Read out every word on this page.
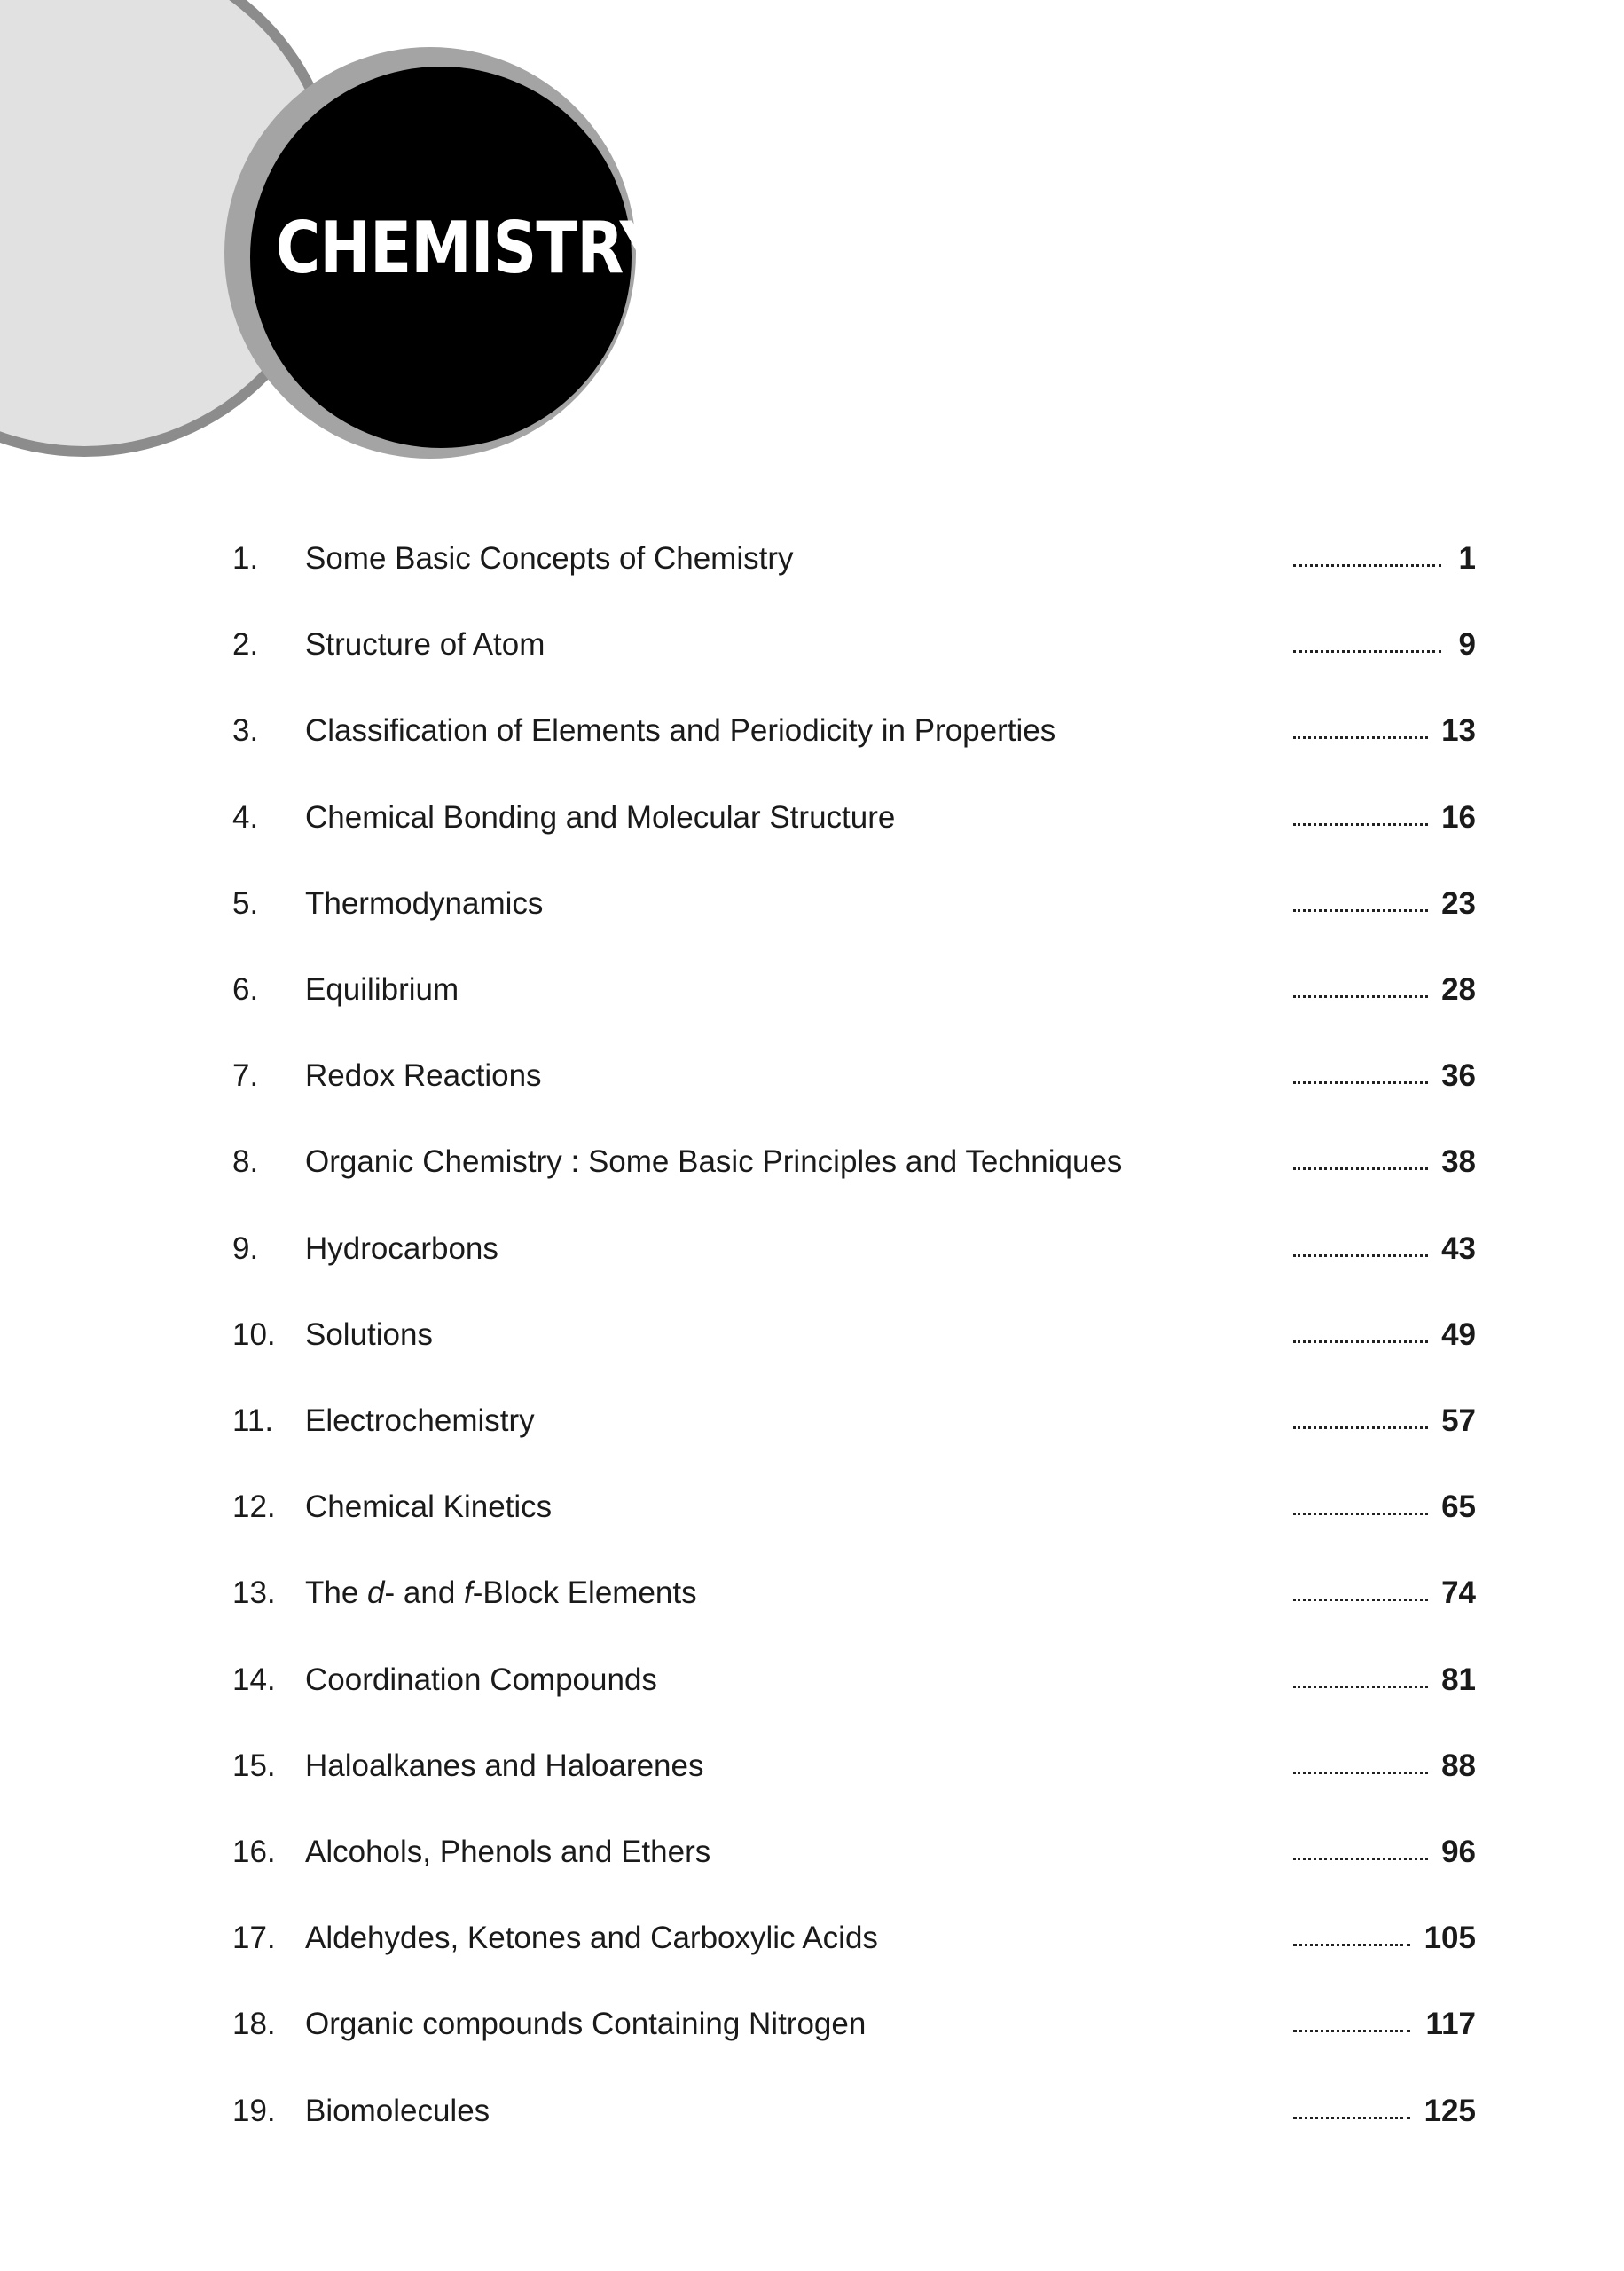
CHEMISTRY
1.	Some Basic Concepts of Chemistry	1
2.	Structure of Atom	9
3.	Classification of Elements and Periodicity in Properties	13
4.	Chemical Bonding and Molecular Structure	16
5.	Thermodynamics	23
6.	Equilibrium	28
7.	Redox Reactions	36
8.	Organic Chemistry : Some Basic Principles and Techniques	38
9.	Hydrocarbons	43
10. Solutions	49
11.	Electrochemistry	57
12. Chemical Kinetics	65
13. The d- and f-Block Elements	74
14. Coordination Compounds	81
15. Haloalkanes and Haloarenes	88
16. Alcohols, Phenols and Ethers	96
17. Aldehydes, Ketones and Carboxylic Acids	105
18. Organic compounds Containing Nitrogen	117
19. Biomolecules	125
